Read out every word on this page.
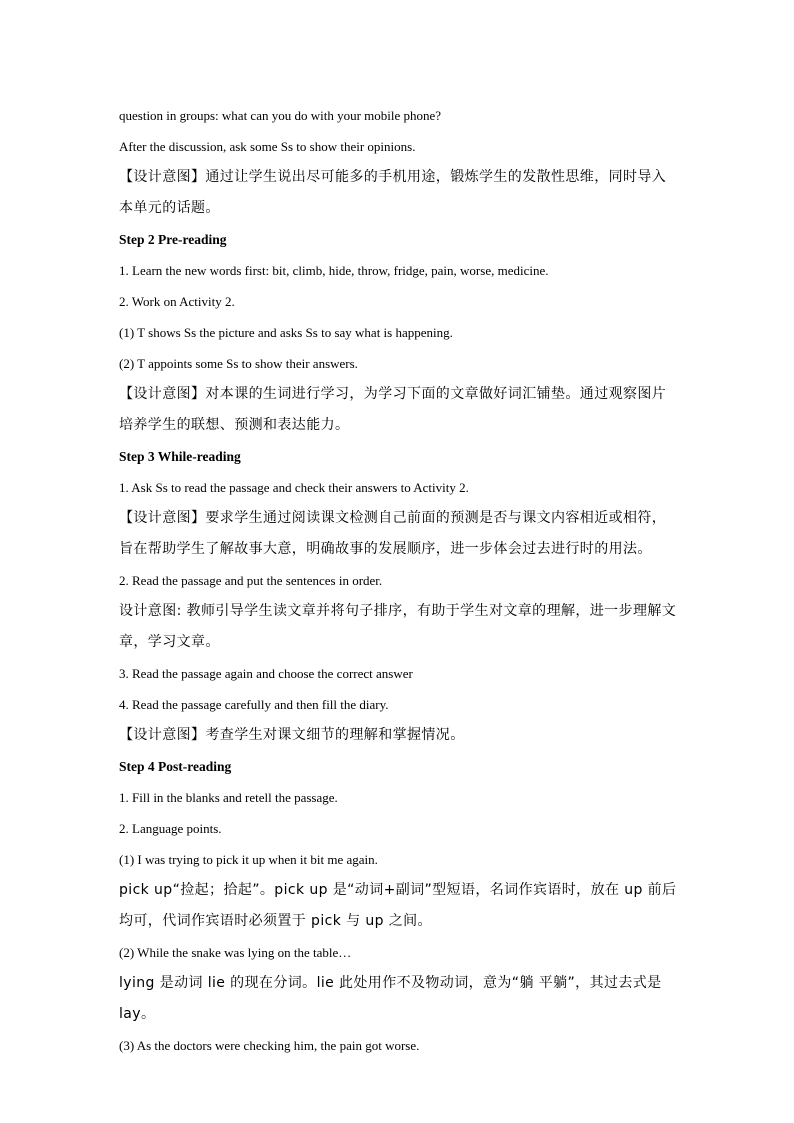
question in groups: what can you do with your mobile phone?
After the discussion, ask some Ss to show their opinions.
【设计意图】通过让学生说出尽可能多的手机用途，锻炼学生的发散性思维，同时导入本单元的话题。
Step 2 Pre-reading
1. Learn the new words first: bit, climb, hide, throw, fridge, pain, worse, medicine.
2. Work on Activity 2.
(1) T shows Ss the picture and asks Ss to say what is happening.
(2) T appoints some Ss to show their answers.
【设计意图】对本课的生词进行学习，为学习下面的文章做好词汇铺垫。通过观察图片培养学生的联想、预测和表达能力。
Step 3 While-reading
1. Ask Ss to read the passage and check their answers to Activity 2.
【设计意图】要求学生通过阅读课文检测自己前面的预测是否与课文内容相近或相符，旨在帮助学生了解故事大意，明确故事的发展顺序，进一步体会过去进行时的用法。
2. Read the passage and put the sentences in order.
设计意图: 教师引导学生读文章并将句子排序，有助于学生对文章的理解，进一步理解文章，学习文章。
3. Read the passage again and choose the correct answer
4. Read the passage carefully and then fill the diary.
【设计意图】考查学生对课文细节的理解和掌握情况。
Step 4 Post-reading
1. Fill in the blanks and retell the passage.
2. Language points.
(1) I was trying to pick it up when it bit me again.
pick up“捡起；拾起”。pick up 是“动词+副词”型短语，名词作宾语时，放在 up 前后均可，代词作宾语时必须置于 pick 与 up 之间。
(2) While the snake was lying on the table…
lying 是动词 lie 的现在分词。lie 此处用作不及物动词，意为“躺 平躺”，其过去式是 lay。
(3) As the doctors were checking him, the pain got worse.
